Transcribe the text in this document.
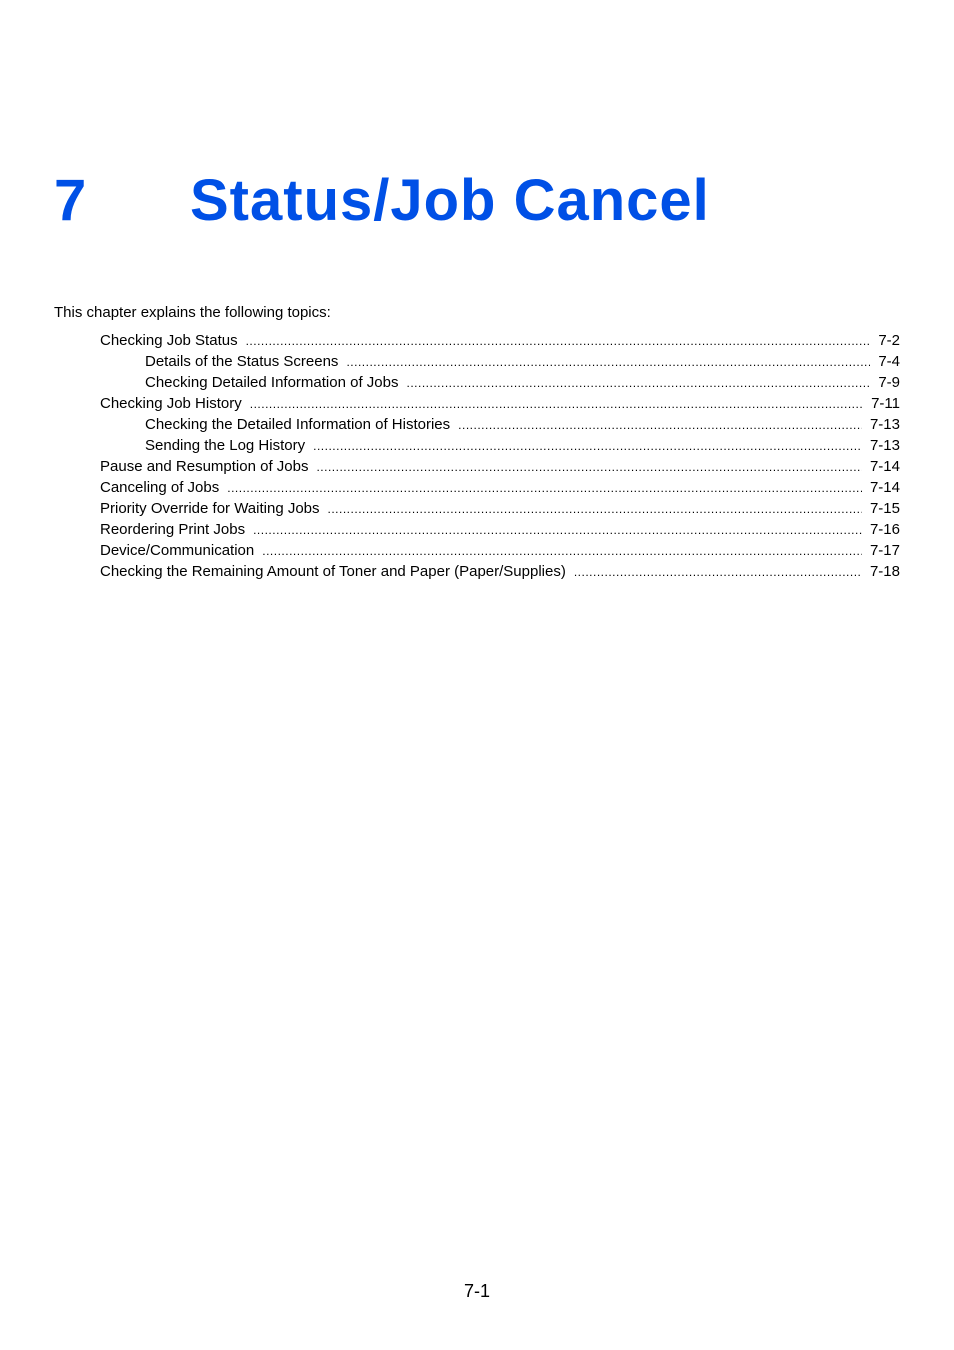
7 Status/Job Cancel
This chapter explains the following topics:
Checking Job Status .....	7-2
Details of the Status Screens .....	7-4
Checking Detailed Information of Jobs .....	7-9
Checking Job History .....	7-11
Checking the Detailed Information of Histories .....	7-13
Sending the Log History .....	7-13
Pause and Resumption of Jobs .....	7-14
Canceling of Jobs .....	7-14
Priority Override for Waiting Jobs .....	7-15
Reordering Print Jobs .....	7-16
Device/Communication .....	7-17
Checking the Remaining Amount of Toner and Paper (Paper/Supplies) .....	7-18
7-1
